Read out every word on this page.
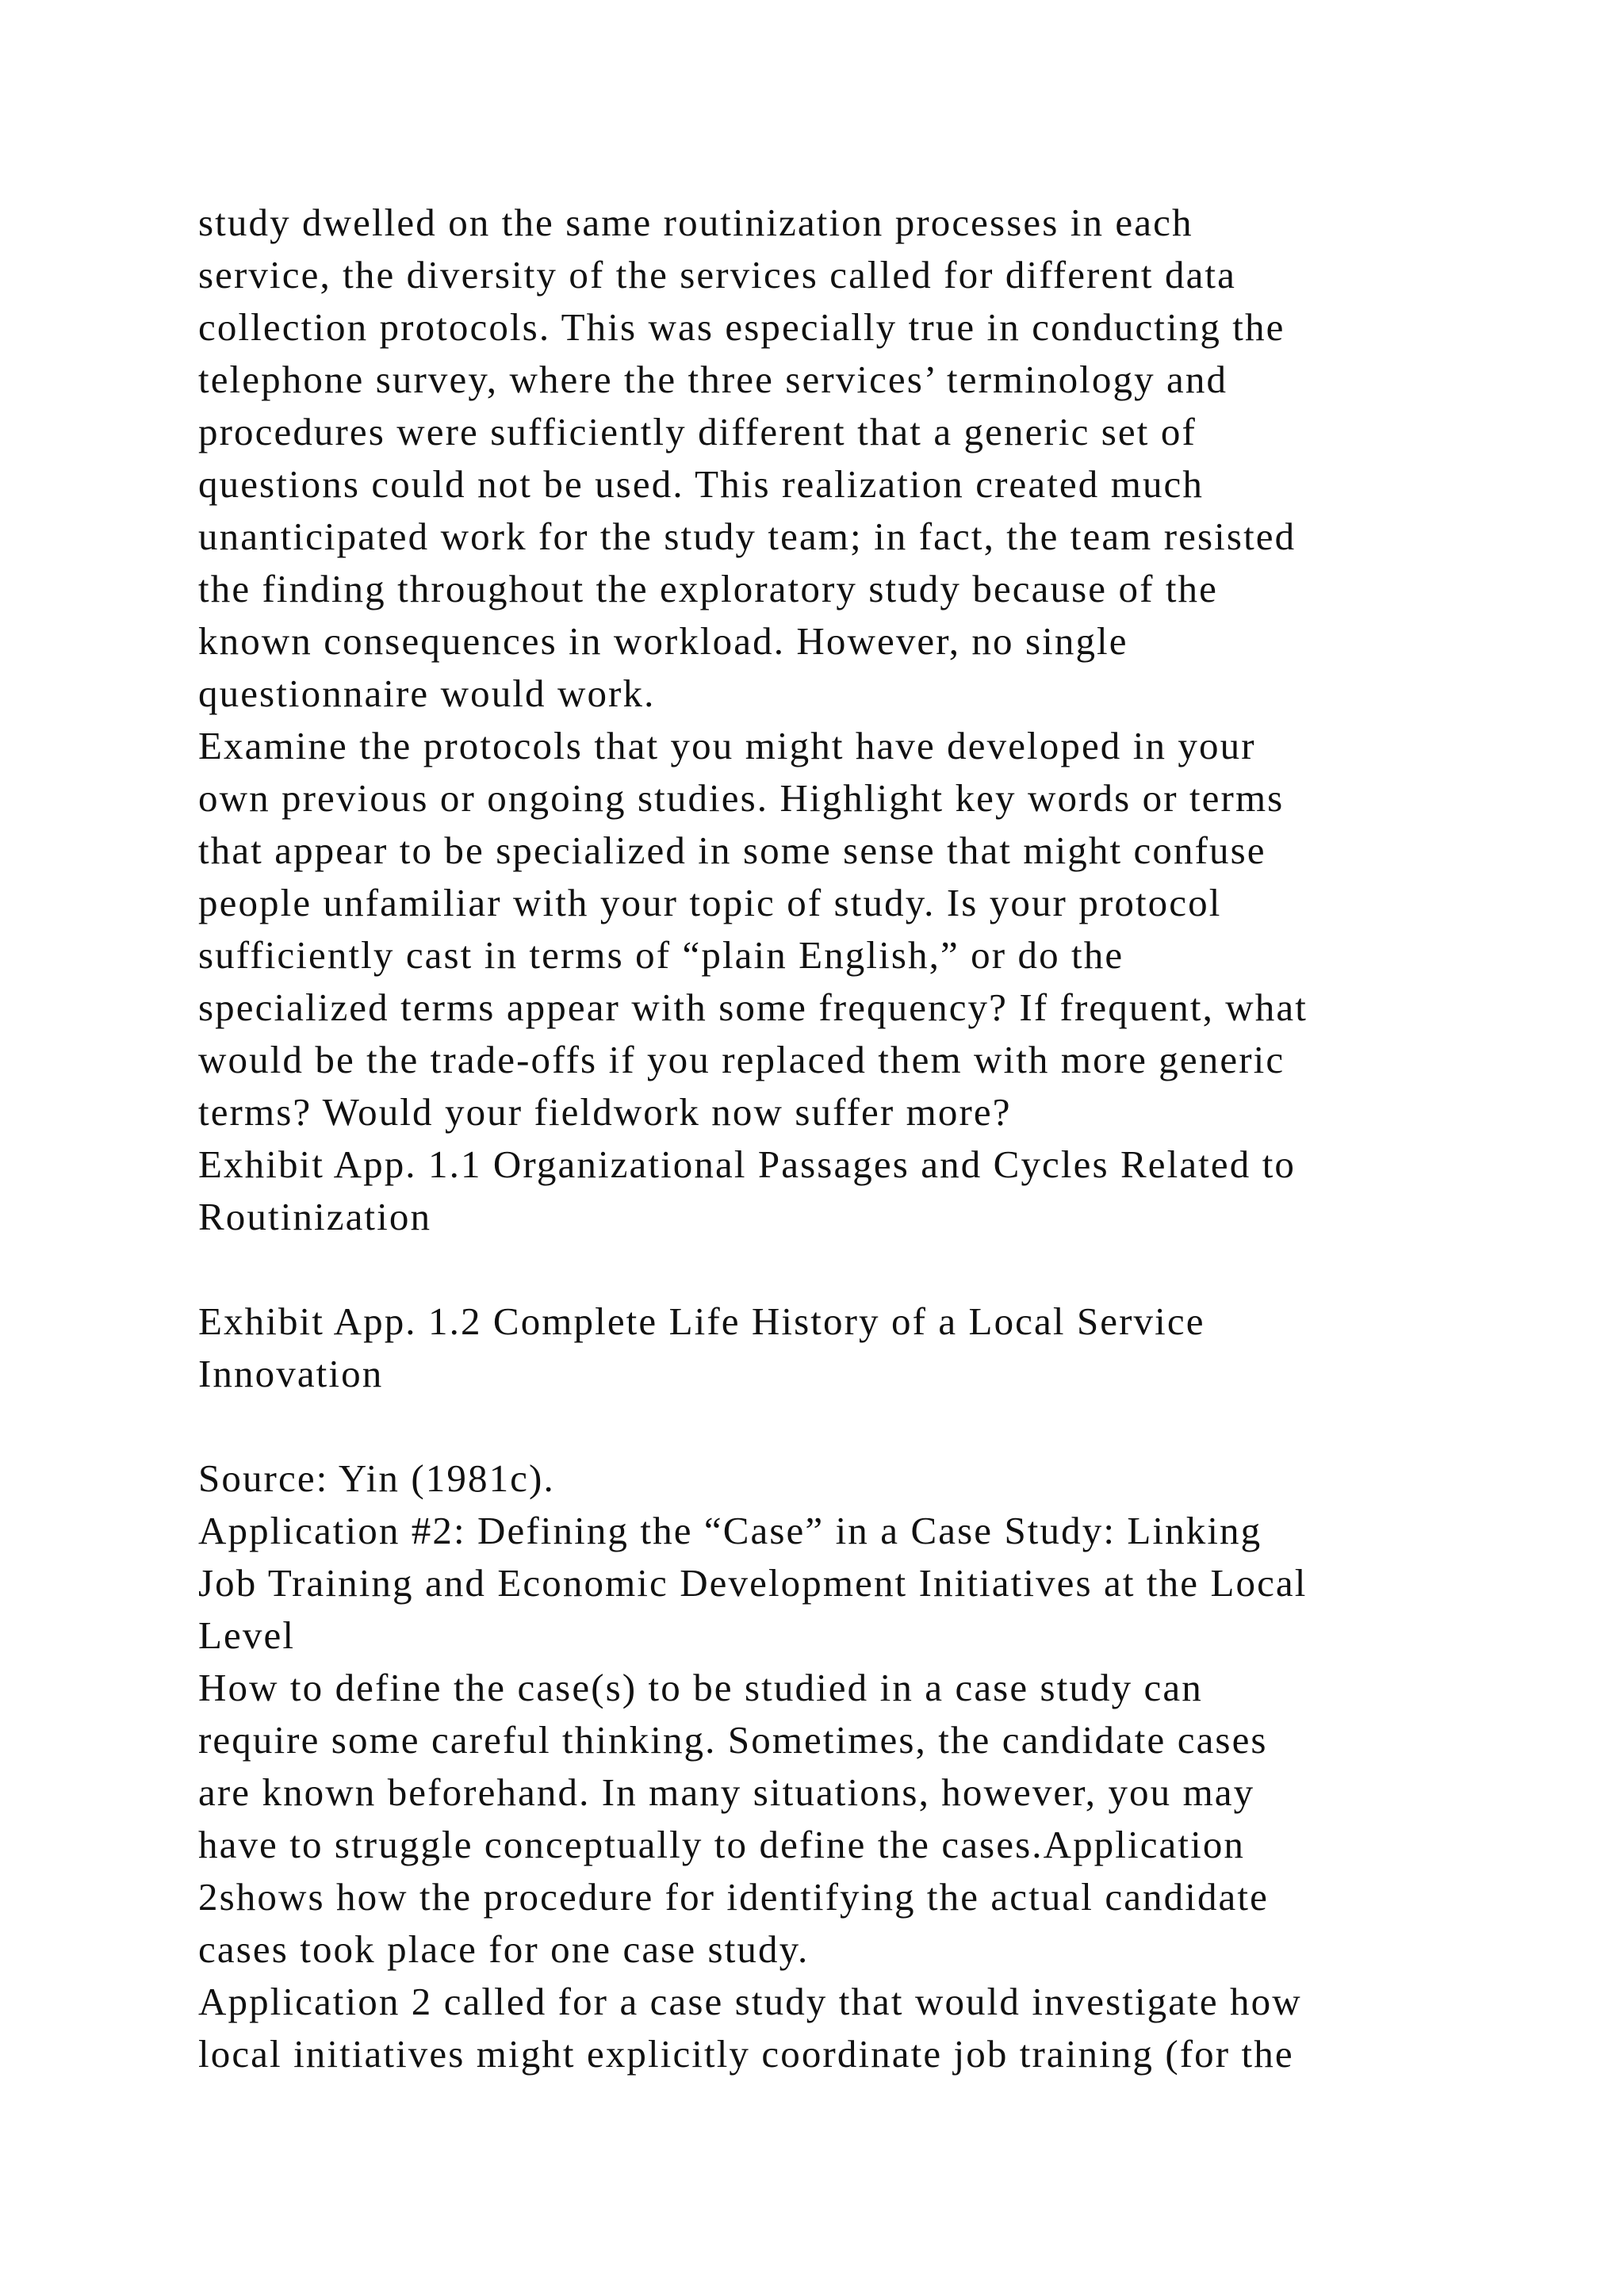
study dwelled on the same routinization processes in each
service, the diversity of the services called for different data
collection protocols. This was especially true in conducting the
telephone survey, where the three services’ terminology and
procedures were sufficiently different that a generic set of
questions could not be used. This realization created much
unanticipated work for the study team; in fact, the team resisted
the finding throughout the exploratory study because of the
known consequences in workload. However, no single
questionnaire would work.
Examine the protocols that you might have developed in your
own previous or ongoing studies. Highlight key words or terms
that appear to be specialized in some sense that might confuse
people unfamiliar with your topic of study. Is your protocol
sufficiently cast in terms of “plain English,” or do the
specialized terms appear with some frequency? If frequent, what
would be the trade-offs if you replaced them with more generic
terms? Would your fieldwork now suffer more?
Exhibit App. 1.1 Organizational Passages and Cycles Related to
Routinization
Exhibit App. 1.2 Complete Life History of a Local Service
Innovation
Source: Yin (1981c).
Application #2: Defining the “Case” in a Case Study: Linking
Job Training and Economic Development Initiatives at the Local
Level
How to define the case(s) to be studied in a case study can
require some careful thinking. Sometimes, the candidate cases
are known beforehand. In many situations, however, you may
have to struggle conceptually to define the cases.Application
2shows how the procedure for identifying the actual candidate
cases took place for one case study.
Application 2 called for a case study that would investigate how
local initiatives might explicitly coordinate job training (for the
